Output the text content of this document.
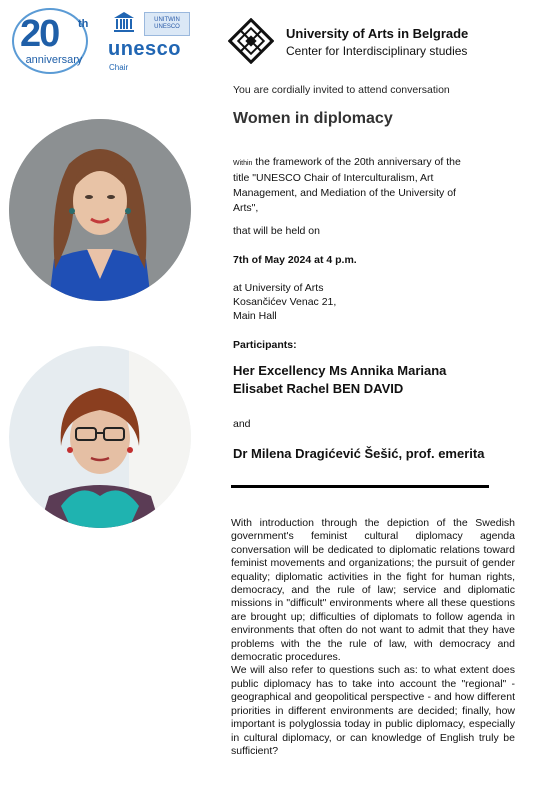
20 th
anniversary
UNITWIN UNESCO
unesco
Chair
University of Arts in Belgrade
Center for Interdisciplinary studies
You are cordially invited to attend conversation
Women in diplomacy
Within the framework of the 20th anniversary of the title "UNESCO Chair of Interculturalism, Art Management, and Mediation of the University of Arts",
that will be held on
7th of May 2024 at 4 p.m.
at University of Arts
Kosančićev Venac 21,
Main Hall
Participants:
Her Excellency Ms Annika Mariana
Elisabet Rachel BEN DAVID
and
Dr Milena Dragićević Šešić, prof. emerita

With introduction through the depiction of the Swedish government's feminist cultural diplomacy agenda conversation will be dedicated to diplomatic relations toward feminist movements and organizations; the pursuit of gender equality; diplomatic activities in the fight for human rights, democracy, and the rule of law; service and diplomatic missions in "difficult" environments where all these questions are brought up; difficulties of diplomats to follow agenda in environments that often do not want to admit that they have problems with the the rule of law, with democracy and democratic procedures.

We will also refer to questions such as: to what extent does public diplomacy has to take into account the "regional" - geographical and geopolitical perspective - and how different priorities in different environments are decided; finally, how important is polyglossia today in public diplomacy, especially in cultural diplomacy, or can knowledge of English truly be sufficient?
